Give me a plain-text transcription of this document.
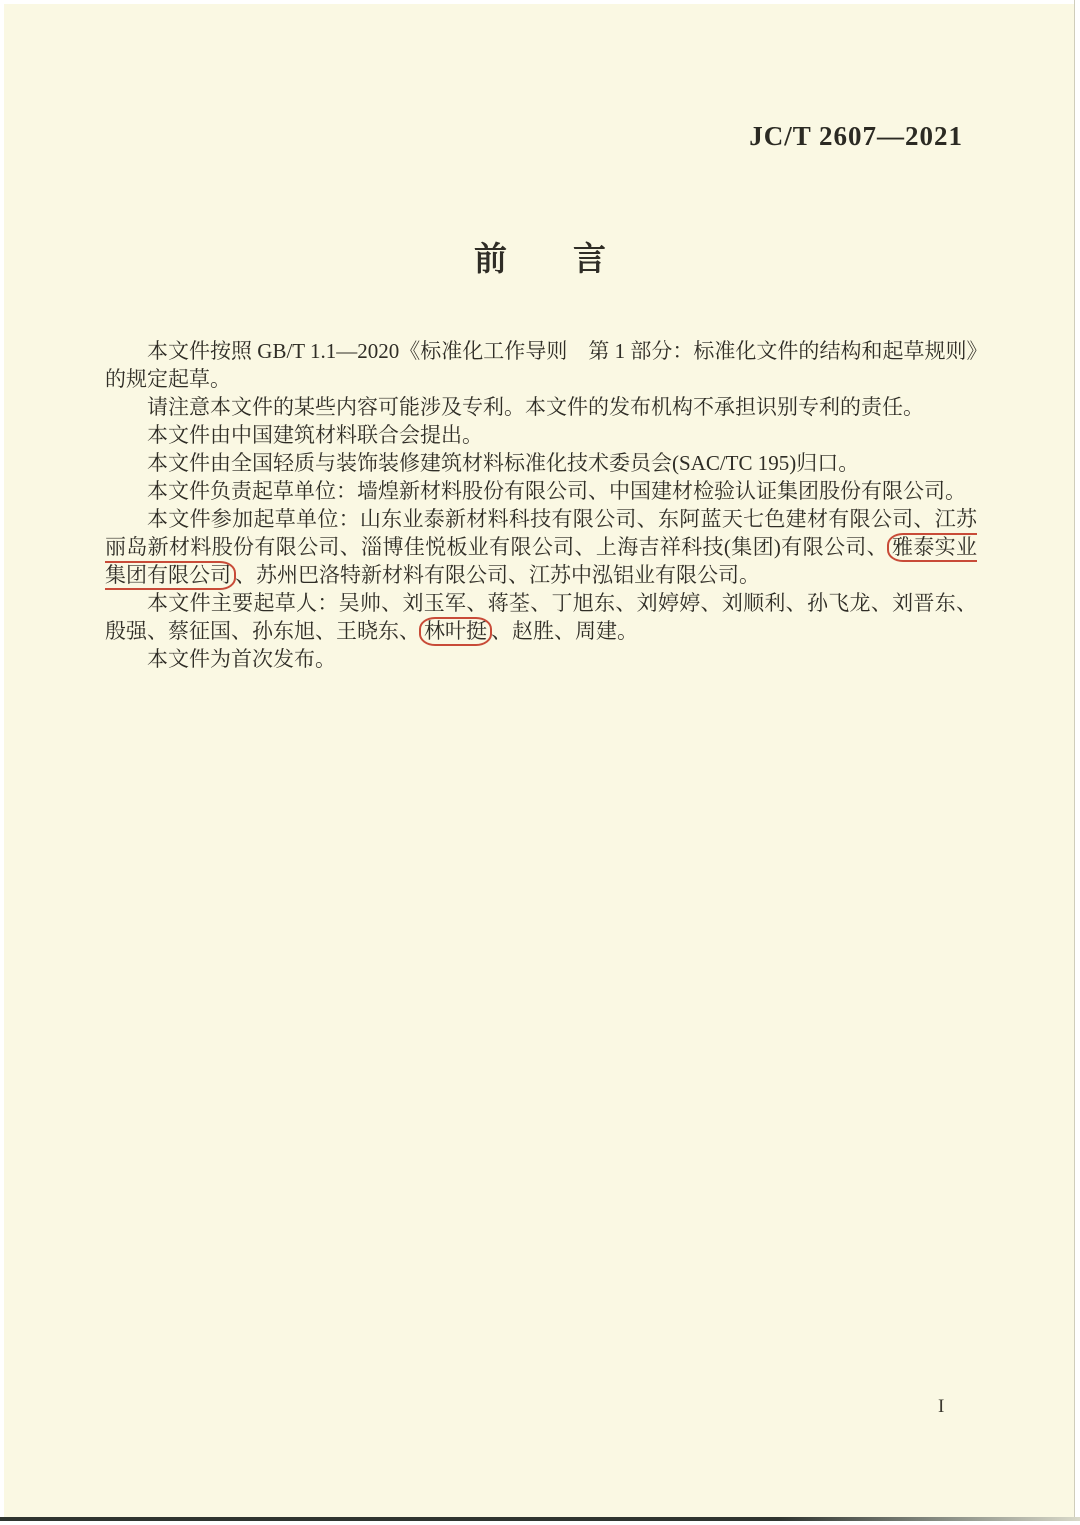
JC/T 2607—2021
前　　言

本文件按照 GB/T 1.1—2020《标准化工作导则　第 1 部分：标准化文件的结构和起草规则》的规定起草。

请注意本文件的某些内容可能涉及专利。本文件的发布机构不承担识别专利的责任。

本文件由中国建筑材料联合会提出。

本文件由全国轻质与装饰装修建筑材料标准化技术委员会(SAC/TC 195)归口。

本文件负责起草单位：墙煌新材料股份有限公司、中国建材检验认证集团股份有限公司。

本文件参加起草单位：山东业泰新材料科技有限公司、东阿蓝天七色建材有限公司、江苏丽岛新材料股份有限公司、淄博佳悦板业有限公司、上海吉祥科技(集团)有限公司、 雅泰实业集团有限公司 、苏州巴洛特新材料有限公司、江苏中泓铝业有限公司。

本文件主要起草人：吴帅、刘玉军、蒋荃、丁旭东、刘婷婷、刘顺利、孙飞龙、刘晋东、殷强、蔡征国、孙东旭、王晓东、 林叶挺 、赵胜、周建。

本文件为首次发布。

I
